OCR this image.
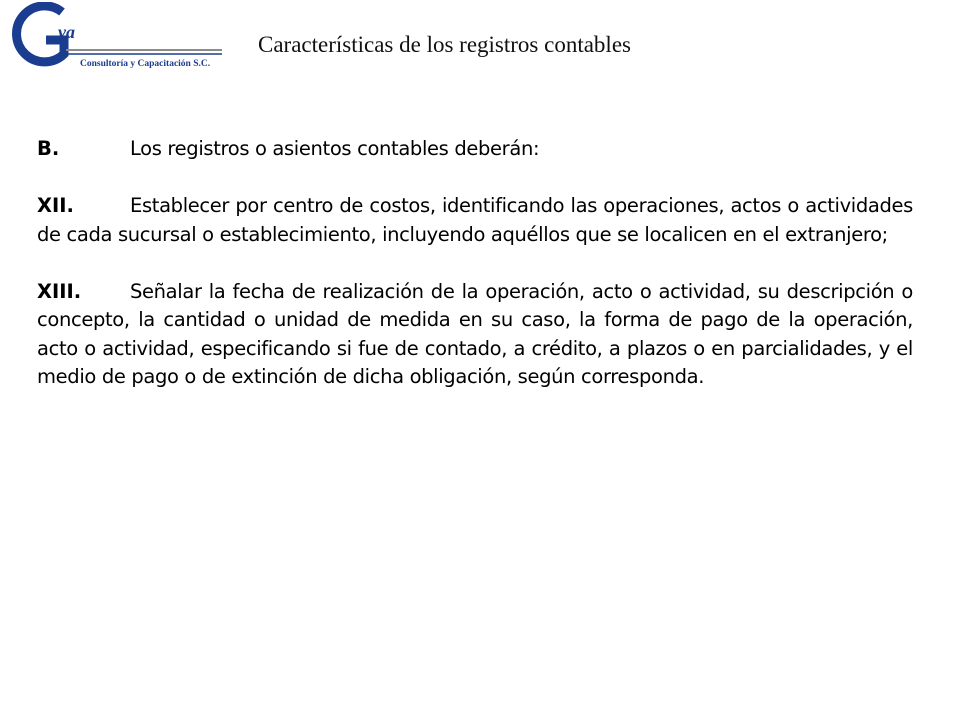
va
Consultoría y Capacitación S.C.
Características de los registros contables

B.	Los registros o asientos contables deberán:

XII.	Establecer por centro de costos, identificando las operaciones, actos o actividades de cada sucursal o establecimiento, incluyendo aquéllos que se localicen en el extranjero;

XIII.	Señalar la fecha de realización de la operación, acto o actividad, su descripción o concepto, la cantidad o unidad de medida en su caso, la forma de pago de la operación, acto o actividad, especificando si fue de contado, a crédito, a plazos o en parcialidades, y el medio de pago o de extinción de dicha obligación, según corresponda.
